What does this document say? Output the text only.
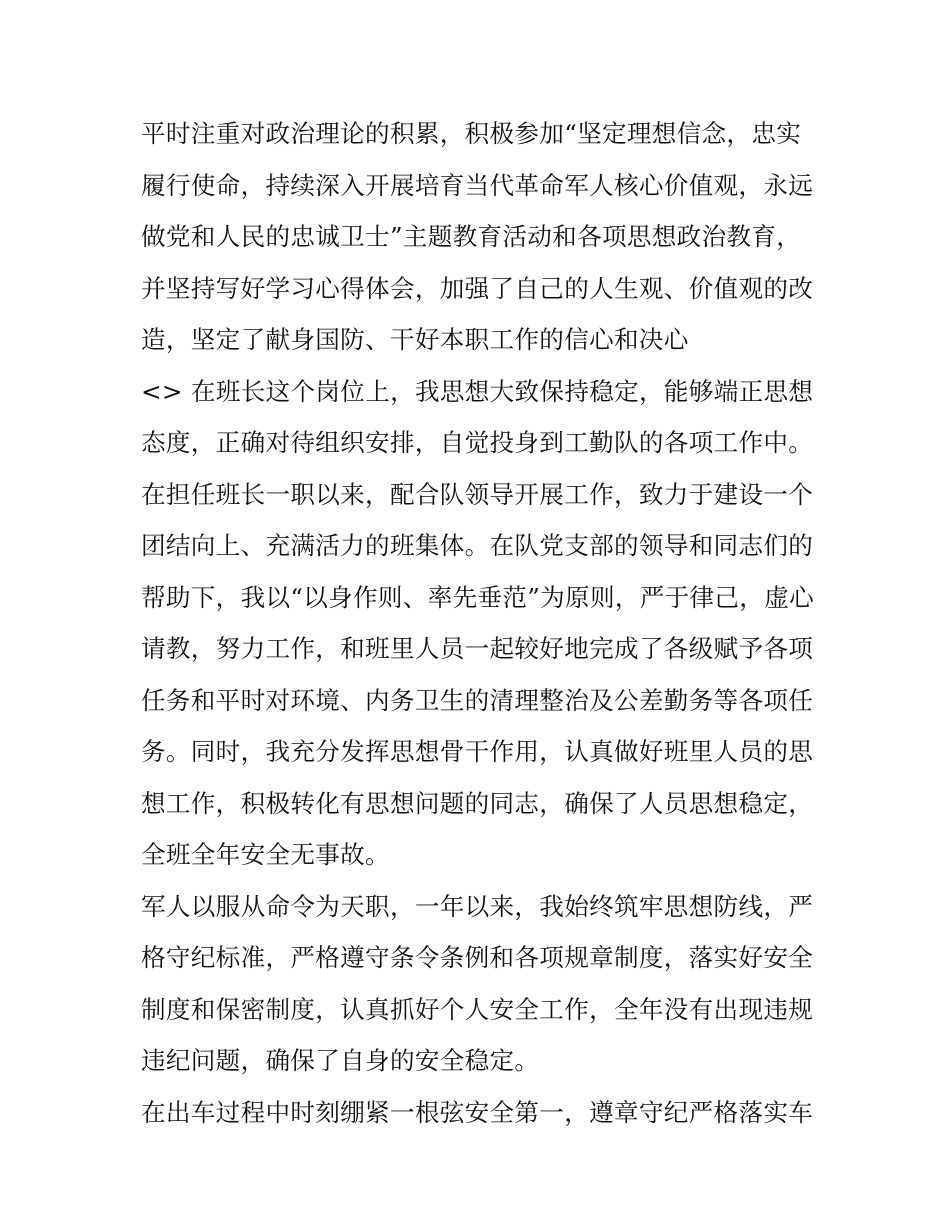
平时注重对政治理论的积累，积极参加“坚定理想信念，忠实
履行使命，持续深入开展培育当代革命军人核心价值观，永远
做党和人民的忠诚卫士”主题教育活动和各项思想政治教育，
并坚持写好学习心得体会，加强了自己的人生观、价值观的改
造，坚定了献身国防、干好本职工作的信心和决心
<> 在班长这个岗位上，我思想大致保持稳定，能够端正思想
态度，正确对待组织安排，自觉投身到工勤队的各项工作中。
在担任班长一职以来，配合队领导开展工作，致力于建设一个
团结向上、充满活力的班集体。在队党支部的领导和同志们的
帮助下，我以“以身作则、率先垂范”为原则，严于律己，虚心
请教，努力工作，和班里人员一起较好地完成了各级赋予各项
任务和平时对环境、内务卫生的清理整治及公差勤务等各项任
务。同时，我充分发挥思想骨干作用，认真做好班里人员的思
想工作，积极转化有思想问题的同志，确保了人员思想稳定，
全班全年安全无事故。
军人以服从命令为天职，一年以来，我始终筑牢思想防线，严
格守纪标准，严格遵守条令条例和各项规章制度，落实好安全
制度和保密制度，认真抓好个人安全工作，全年没有出现违规
违纪问题，确保了自身的安全稳定。
在出车过程中时刻绷紧一根弦安全第一，遵章守纪严格落实车
